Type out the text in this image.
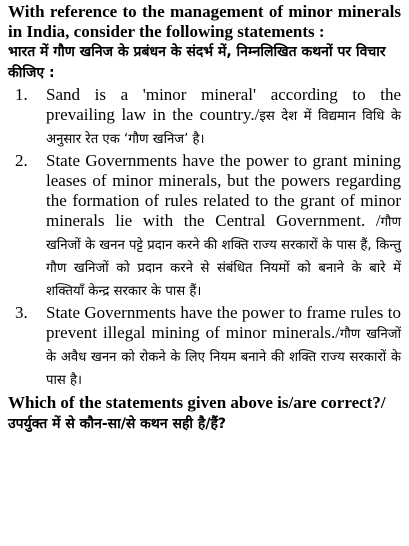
With reference to the management of minor minerals in India, consider the following statements :

भारत में गौण खनिज के प्रबंधन के संदर्भ में, निम्नलिखित कथनों पर विचार कीजिए :

1.	Sand is a 'minor mineral' according to the prevailing law in the country./इस देश में विद्यमान विधि के अनुसार रेत एक ‘गौण खनिज’ है।
2.	State Governments have the power to grant mining leases of minor minerals, but the powers regarding the formation of rules related to the grant of minor minerals lie with the Central Government. /गौण खनिजों के खनन पट्टे प्रदान करने की शक्ति राज्य सरकारों के पास हैं, किन्तु गौण खनिजों को प्रदान करने से संबंधित नियमों को बनाने के बारे में शक्तियाँ केन्द्र सरकार के पास हैं।
3.	State Governments have the power to frame rules to prevent illegal mining of minor minerals./गौण खनिजों के अवैध खनन को रोकने के लिए नियम बनाने की शक्ति राज्य सरकारों के पास है।

Which of the statements given above is/are correct?/उपर्युक्त में से कौन-सा/से कथन सही है/हैं?
